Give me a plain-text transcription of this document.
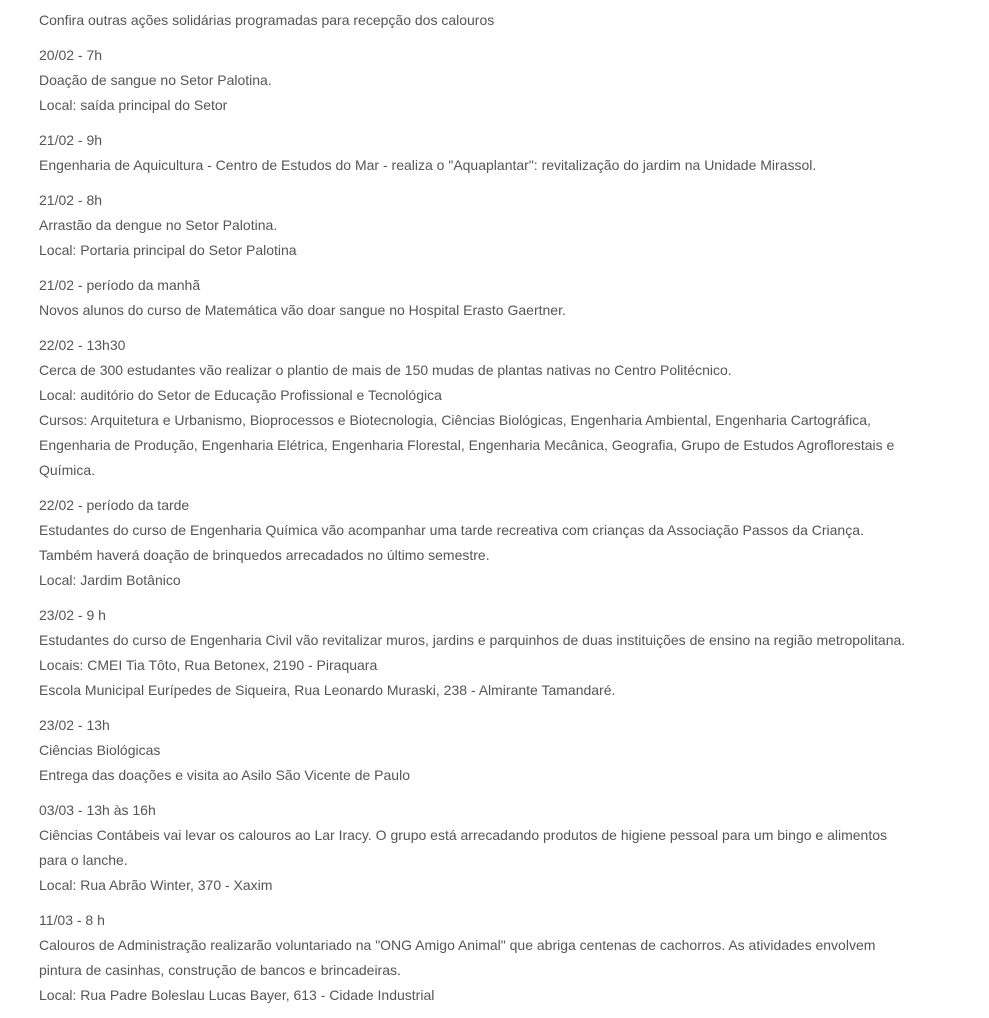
Confira outras ações solidárias programadas para recepção dos calouros

20/02 - 7h
Doação de sangue no Setor Palotina.
Local: saída principal do Setor
21/02 - 9h
Engenharia de Aquicultura - Centro de Estudos do Mar - realiza o "Aquaplantar": revitalização do jardim na Unidade Mirassol.
21/02 - 8h
Arrastão da dengue no Setor Palotina.
Local: Portaria principal do Setor Palotina
21/02 - período da manhã
Novos alunos do curso de Matemática vão doar sangue no Hospital Erasto Gaertner.
22/02 - 13h30
Cerca de 300 estudantes vão realizar o plantio de mais de 150 mudas de plantas nativas no Centro Politécnico.
Local: auditório do Setor de Educação Profissional e Tecnológica
Cursos: Arquitetura e Urbanismo, Bioprocessos e Biotecnologia, Ciências Biológicas, Engenharia Ambiental, Engenharia Cartográfica,
Engenharia de Produção, Engenharia Elétrica, Engenharia Florestal, Engenharia Mecânica, Geografia, Grupo de Estudos Agroflorestais e
Química.
22/02 - período da tarde
Estudantes do curso de Engenharia Química vão acompanhar uma tarde recreativa com crianças da Associação Passos da Criança.
Também haverá doação de brinquedos arrecadados no último semestre.
Local: Jardim Botânico
23/02 - 9 h
Estudantes do curso de Engenharia Civil vão revitalizar muros, jardins e parquinhos de duas instituições de ensino na região metropolitana.
Locais: CMEI Tia Tôto, Rua Betonex, 2190 - Piraquara
Escola Municipal Eurípedes de Siqueira, Rua Leonardo Muraski, 238 - Almirante Tamandaré.
23/02 - 13h
Ciências Biológicas
Entrega das doações e visita ao Asilo São Vicente de Paulo
03/03 - 13h às 16h
Ciências Contábeis vai levar os calouros ao Lar Iracy. O grupo está arrecadando produtos de higiene pessoal para um bingo e alimentos
para o lanche.
Local: Rua Abrão Winter, 370 - Xaxim
11/03 - 8 h
Calouros de Administração realizarão voluntariado na "ONG Amigo Animal" que abriga centenas de cachorros. As atividades envolvem
pintura de casinhas, construção de bancos e brincadeiras.
Local: Rua Padre Boleslau Lucas Bayer, 613 - Cidade Industrial
